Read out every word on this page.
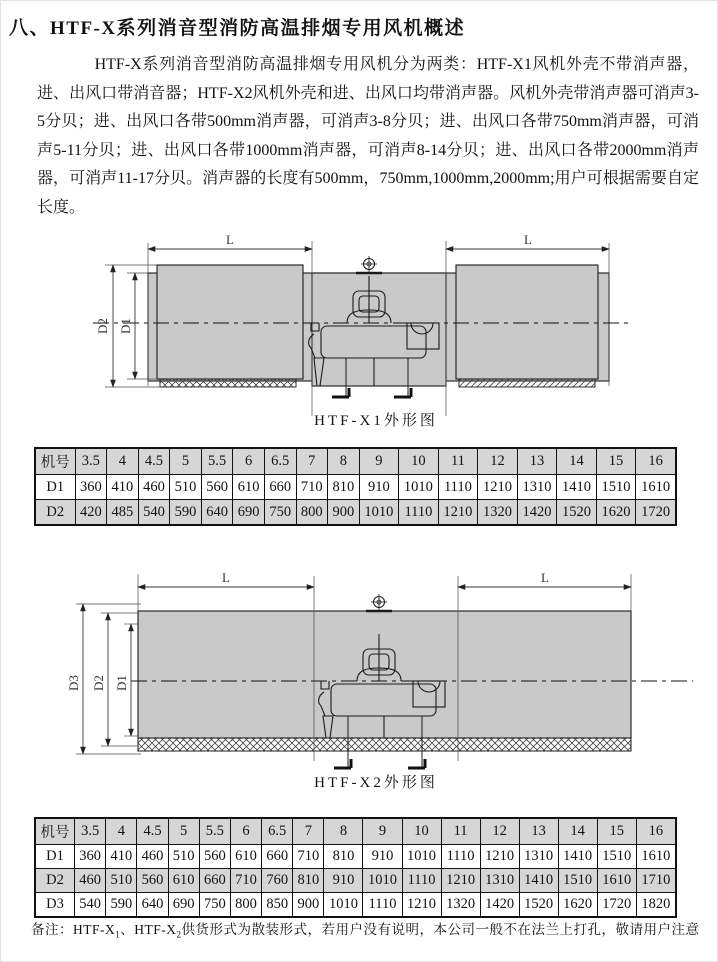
八、HTF-X系列消音型消防高温排烟专用风机概述

HTF-X系列消音型消防高温排烟专用风机分为两类：HTF-X1风机外壳不带消声器，进、出风口带消音器；HTF-X2风机外壳和进、出风口均带消声器。风机外壳带消声器可消声3-5分贝；进、出风口各带500mm消声器，可消声3-8分贝；进、出风口各带750mm消声器，可消声5-11分贝；进、出风口各带1000mm消声器，可消声8-14分贝；进、出风口各带2000mm消声器，可消声11-17分贝。消声器的长度有500mm，750mm,1000mm,2000mm;用户可根据需要自定长度。

L	L
D2 D1
HTF-X1外形图
机号	3.5	4	4.5	5	5.5	6	6.5	7	8	9	10	11	12	13	14	15	16
D1	360	410	460	510	560	610	660	710	810	910	1010	1110	1210	1310	1410	1510	1610
D2	420	485	540	590	640	690	750	800	900	1010	1110	1210	1320	1420	1520	1620	1720
L	L
D3 D2 D1
HTF-X2外形图
机号	3.5	4	4.5	5	5.5	6	6.5	7	8	9	10	11	12	13	14	15	16
D1	360	410	460	510	560	610	660	710	810	910	1010	1110	1210	1310	1410	1510	1610
D2	460	510	560	610	660	710	760	810	910	1010	1110	1210	1310	1410	1510	1610	1710
D3	540	590	640	690	750	800	850	900	1010	1110	1210	1320	1420	1520	1620	1720	1820

备注：HTF-$X_1$、HTF-$X_2$供货形式为散装形式，若用户没有说明，本公司一般不在法兰上打孔，敬请用户注意
